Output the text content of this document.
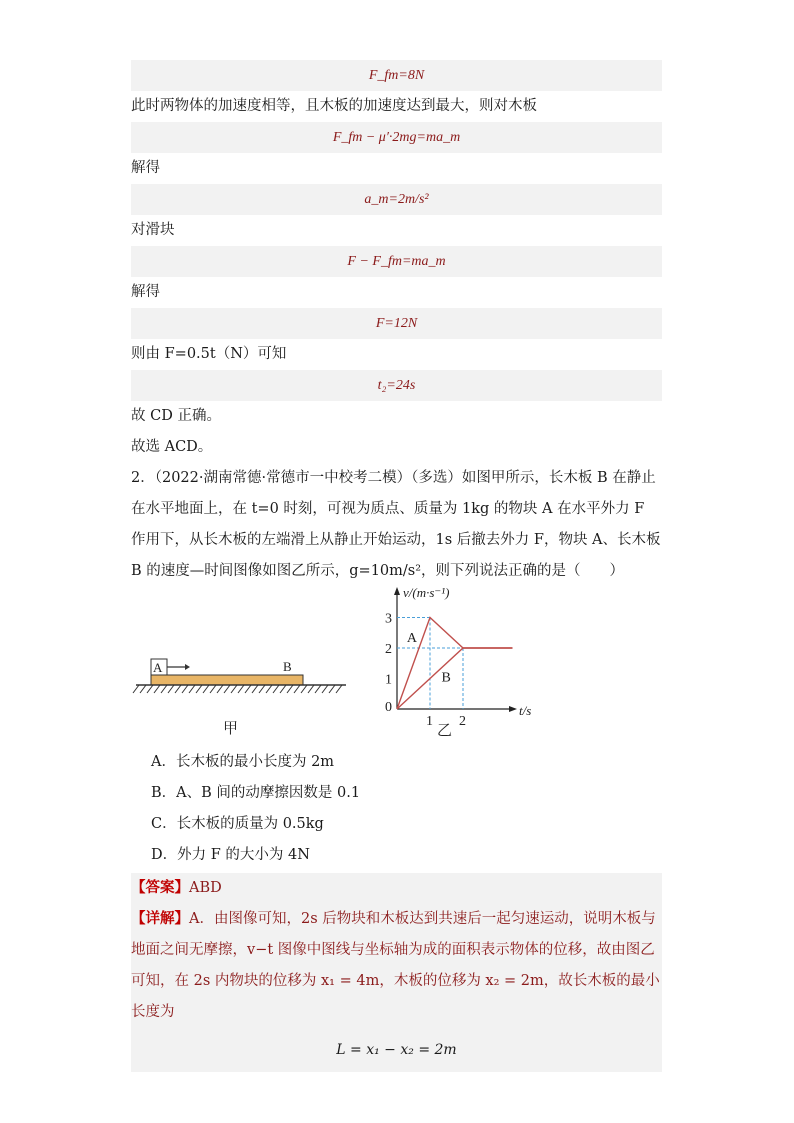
F_fm=8N
此时两物体的加速度相等，且木板的加速度达到最大，则对木板
F_fm − μ′·2mg=ma_m
解得
a_m=2m/s²
对滑块
F − F_fm=ma_m
解得
F=12N
则由 F=0.5t（N）可知
t₂=24s
故 CD 正确。
故选 ACD。
2．（2022·湖南常德·常德市一中校考二模）（多选）如图甲所示，长木板 B 在静止在水平地面上，在 t=0 时刻，可视为质点、质量为 1kg 的物块 A 在水平外力 F 作用下，从长木板的左端滑上从静止开始运动，1s 后撤去外力 F，物块 A、长木板 B 的速度—时间图像如图乙所示，g=10m/s²，则下列说法正确的是（　　）
A	B
甲
1
2
3
1 2
0
v/(m·s⁻¹)
t/s
A
B
乙
A．长木板的最小长度为 2m
B．A、B 间的动摩擦因数是 0.1
C．长木板的质量为 0.5kg
D．外力 F 的大小为 4N
【答案】ABD
【详解】A．由图像可知，2s 后物块和木板达到共速后一起匀速运动，说明木板与地面之间无摩擦，v−t 图像中图线与坐标轴为成的面积表示物体的位移，故由图乙可知，在 2s 内物块的位移为 x₁ = 4m，木板的位移为 x₂ = 2m，故长木板的最小长度为
L = x₁ − x₂ = 2m
